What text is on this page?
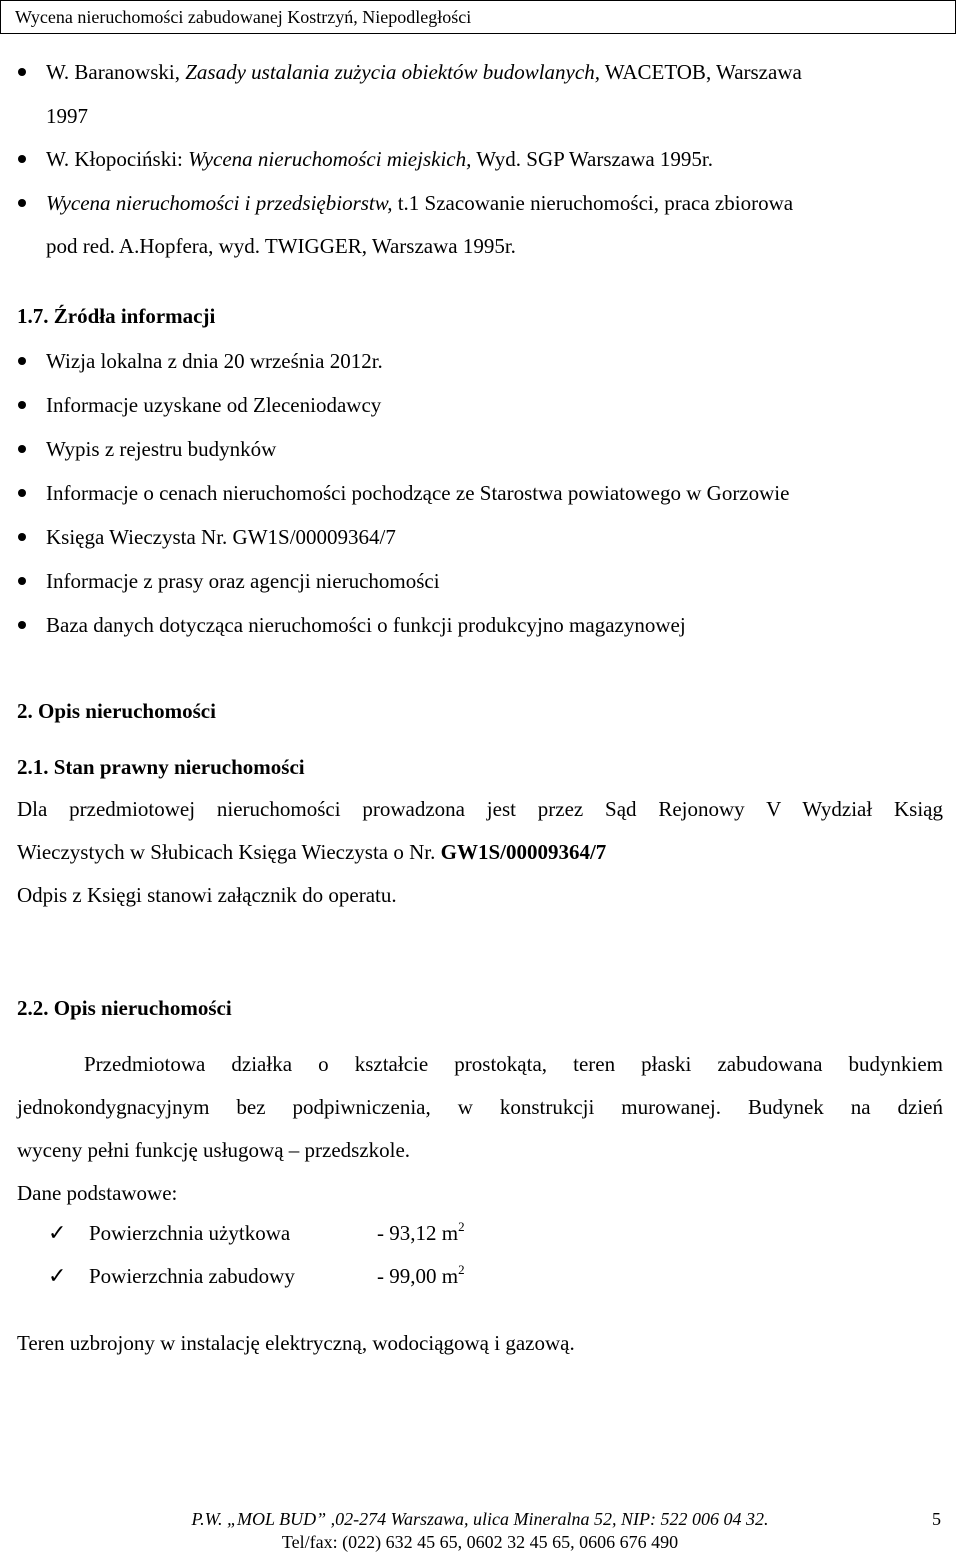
Wycena nieruchomości zabudowanej Kostrzyń, Niepodległości
W. Baranowski, Zasady ustalania zużycia obiektów budowlanych, WACETOB, Warszawa
1997
W. Kłopociński: Wycena nieruchomości miejskich, Wyd. SGP Warszawa 1995r.
Wycena nieruchomości i przedsiębiorstw, t.1 Szacowanie nieruchomości, praca zbiorowa
pod red. A.Hopfera, wyd. TWIGGER, Warszawa 1995r.
1.7. Źródła informacji
Wizja lokalna z dnia 20 września 2012r.
Informacje uzyskane od Zleceniodawcy
Wypis z rejestru budynków
Informacje o cenach nieruchomości pochodzące ze Starostwa powiatowego w Gorzowie
Księga Wieczysta Nr. GW1S/00009364/7
Informacje z prasy oraz agencji nieruchomości
Baza danych dotycząca nieruchomości o funkcji produkcyjno magazynowej
2. Opis nieruchomości
2.1. Stan prawny nieruchomości
Dla przedmiotowej nieruchomości prowadzona jest przez Sąd Rejonowy V Wydział Ksiąg
Wieczystych w Słubicach Księga Wieczysta o Nr. GW1S/00009364/7
Odpis z Księgi stanowi załącznik do operatu.
2.2. Opis nieruchomości
Przedmiotowa działka o kształcie prostokąta, teren płaski zabudowana budynkiem
jednokondygnacyjnym bez podpiwniczenia, w konstrukcji murowanej. Budynek na dzień
wyceny pełni funkcję usługową – przedszkole.
Dane podstawowe:
✓ Powierzchnia użytkowa	- 93,12 $m^2$
✓ Powierzchnia zabudowy	- 99,00 $m^2$
Teren uzbrojony w instalację elektryczną, wodociągową i gazową.
P.W. „MOL BUD” ,02-274 Warszawa, ulica Mineralna 52, NIP: 522 006 04 32.
Tel/fax: (022) 632 45 65, 0602 32 45 65, 0606 676 490
5
